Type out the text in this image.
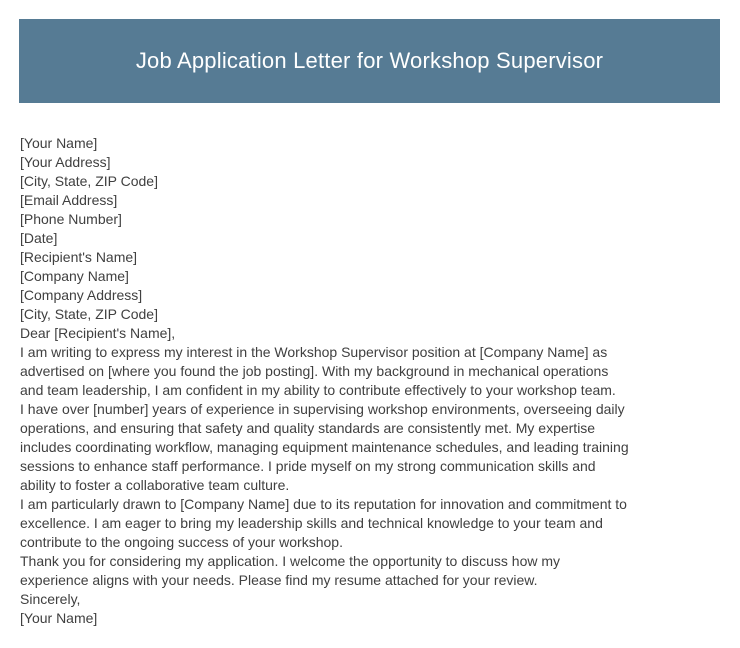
Job Application Letter for Workshop Supervisor
[Your Name]
[Your Address]
[City, State, ZIP Code]
[Email Address]
[Phone Number]
[Date]
[Recipient's Name]
[Company Name]
[Company Address]
[City, State, ZIP Code]
Dear [Recipient's Name],
I am writing to express my interest in the Workshop Supervisor position at [Company Name] as
advertised on [where you found the job posting]. With my background in mechanical operations
and team leadership, I am confident in my ability to contribute effectively to your workshop team.
I have over [number] years of experience in supervising workshop environments, overseeing daily
operations, and ensuring that safety and quality standards are consistently met. My expertise
includes coordinating workflow, managing equipment maintenance schedules, and leading training
sessions to enhance staff performance. I pride myself on my strong communication skills and
ability to foster a collaborative team culture.
I am particularly drawn to [Company Name] due to its reputation for innovation and commitment to
excellence. I am eager to bring my leadership skills and technical knowledge to your team and
contribute to the ongoing success of your workshop.
Thank you for considering my application. I welcome the opportunity to discuss how my
experience aligns with your needs. Please find my resume attached for your review.
Sincerely,
[Your Name]
